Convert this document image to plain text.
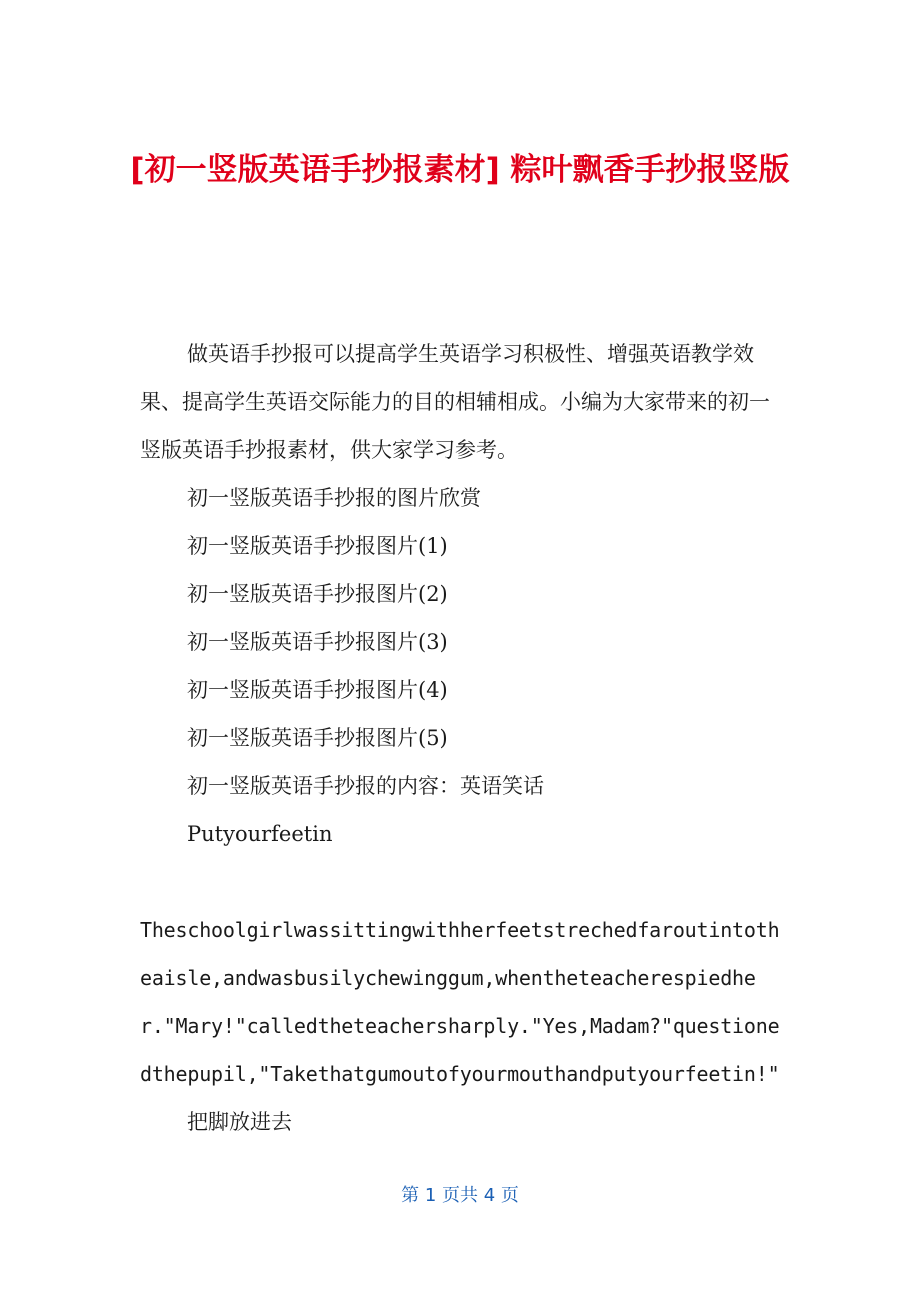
[初一竖版英语手抄报素材] 粽叶飘香手抄报竖版

做英语手抄报可以提高学生英语学习积极性、增强英语教学效果、提高学生英语交际能力的目的相辅相成。小编为大家带来的初一竖版英语手抄报素材，供大家学习参考。

初一竖版英语手抄报的图片欣赏

初一竖版英语手抄报图片(1)

初一竖版英语手抄报图片(2)

初一竖版英语手抄报图片(3)

初一竖版英语手抄报图片(4)

初一竖版英语手抄报图片(5)

初一竖版英语手抄报的内容：英语笑话

Putyourfeetin

Theschoolgirlwassittingwithherfeetstrechedfaroutintotheaisle,andwasbusilychewinggum,whentheteacherespiedher."Mary!"calledtheteachersharply."Yes,Madam?"questionedthepupil,"Takethatgumoutofyourmouthandputyourfeetin!"

把脚放进去

第 1 页共 4 页
